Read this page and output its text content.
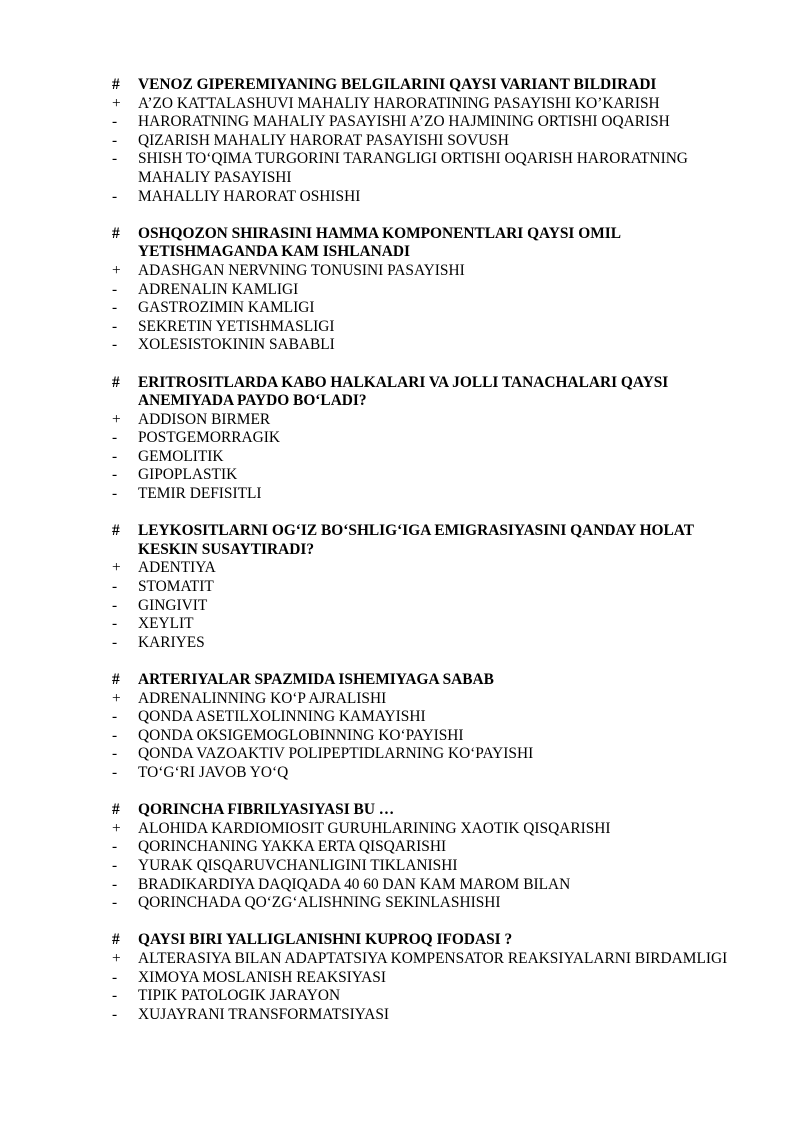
#	VENOZ GIPEREMIYANING BELGILARINI QAYSI VARIANT BILDIRADI
+	A’ZO KATTALASHUVI MAHALIY HARORATINING PASAYISHI KO’KARISH
-	HARORATNING MAHALIY PASAYISHI A’ZO HAJMINING ORTISHI OQARISH
-	QIZARISH MAHALIY HARORAT PASAYISHI SOVUSH
-	SHISH TO‘QIMA TURGORINI TARANGLIGI ORTISHI OQARISH HARORATNING MAHALIY PASAYISHI
-	MAHALLIY HARORAT OSHISHI
#	OSHQOZON SHIRASINI HAMMA KOMPONENTLARI QAYSI OMIL YETISHMAGANDA KAM ISHLANADI
+	ADASHGAN NERVNING TONUSINI PASAYISHI
-	ADRENALIN KAMLIGI
-	GASTROZIMIN KAMLIGI
-	SEKRETIN YETISHMASLIGI
-	XOLESISTOKININ SABABLI
#	ERITROSITLARDA KABO HALKALARI VA JOLLI TANACHALARI QAYSI ANEMIYADA PAYDO BO‘LADI?
+	ADDISON BIRMER
-	POSTGEMORRAGIK
-	GEMOLITIK
-	GIPOPLASTIK
-	TEMIR DEFISITLI
#	LEYKOSITLARNI OG‘IZ BO‘SHLIG‘IGA EMIGRASIYASINI QANDAY HOLAT KESKIN SUSAYTIRADI?
+	ADENTIYA
-	STOMATIT
-	GINGIVIT
-	XEYLIT
-	KARIYES
#	ARTERIYALAR SPAZMIDA ISHEMIYAGA SABAB
+	ADRENALINNING KO‘P AJRALISHI
-	QONDA ASETILXOLINNING KAMAYISHI
-	QONDA OKSIGEMOGLOBINNING KO‘PAYISHI
-	QONDA VAZOAKTIV POLIPEPTIDLARNING KO‘PAYISHI
-	TO‘G‘RI JAVOB YO‘Q
#	QORINCHA FIBRILYASIYASI BU …
+	ALOHIDA KARDIOMIOSIT GURUHLARINING XAOTIK QISQARISHI
-	QORINCHANING YAKKA ERTA QISQARISHI
-	YURAK QISQARUVCHANLIGINI TIKLANISHI
-	BRADIKARDIYA DAQIQADA 40 60 DAN KAM MAROM BILAN
-	QORINCHADA QO‘ZG‘ALISHNING SEKINLASHISHI
#	QAYSI BIRI YALLIGLANISHNI KUPROQ IFODASI ?
+	ALTERASIYA BILAN ADAPTATSIYA KOMPENSATOR REAKSIYALARNI BIRDAMLIGI
-	XIMOYA MOSLANISH REAKSIYASI
-	TIPIK PATOLOGIK JARAYON
-	XUJAYRANI TRANSFORMATSIYASI
